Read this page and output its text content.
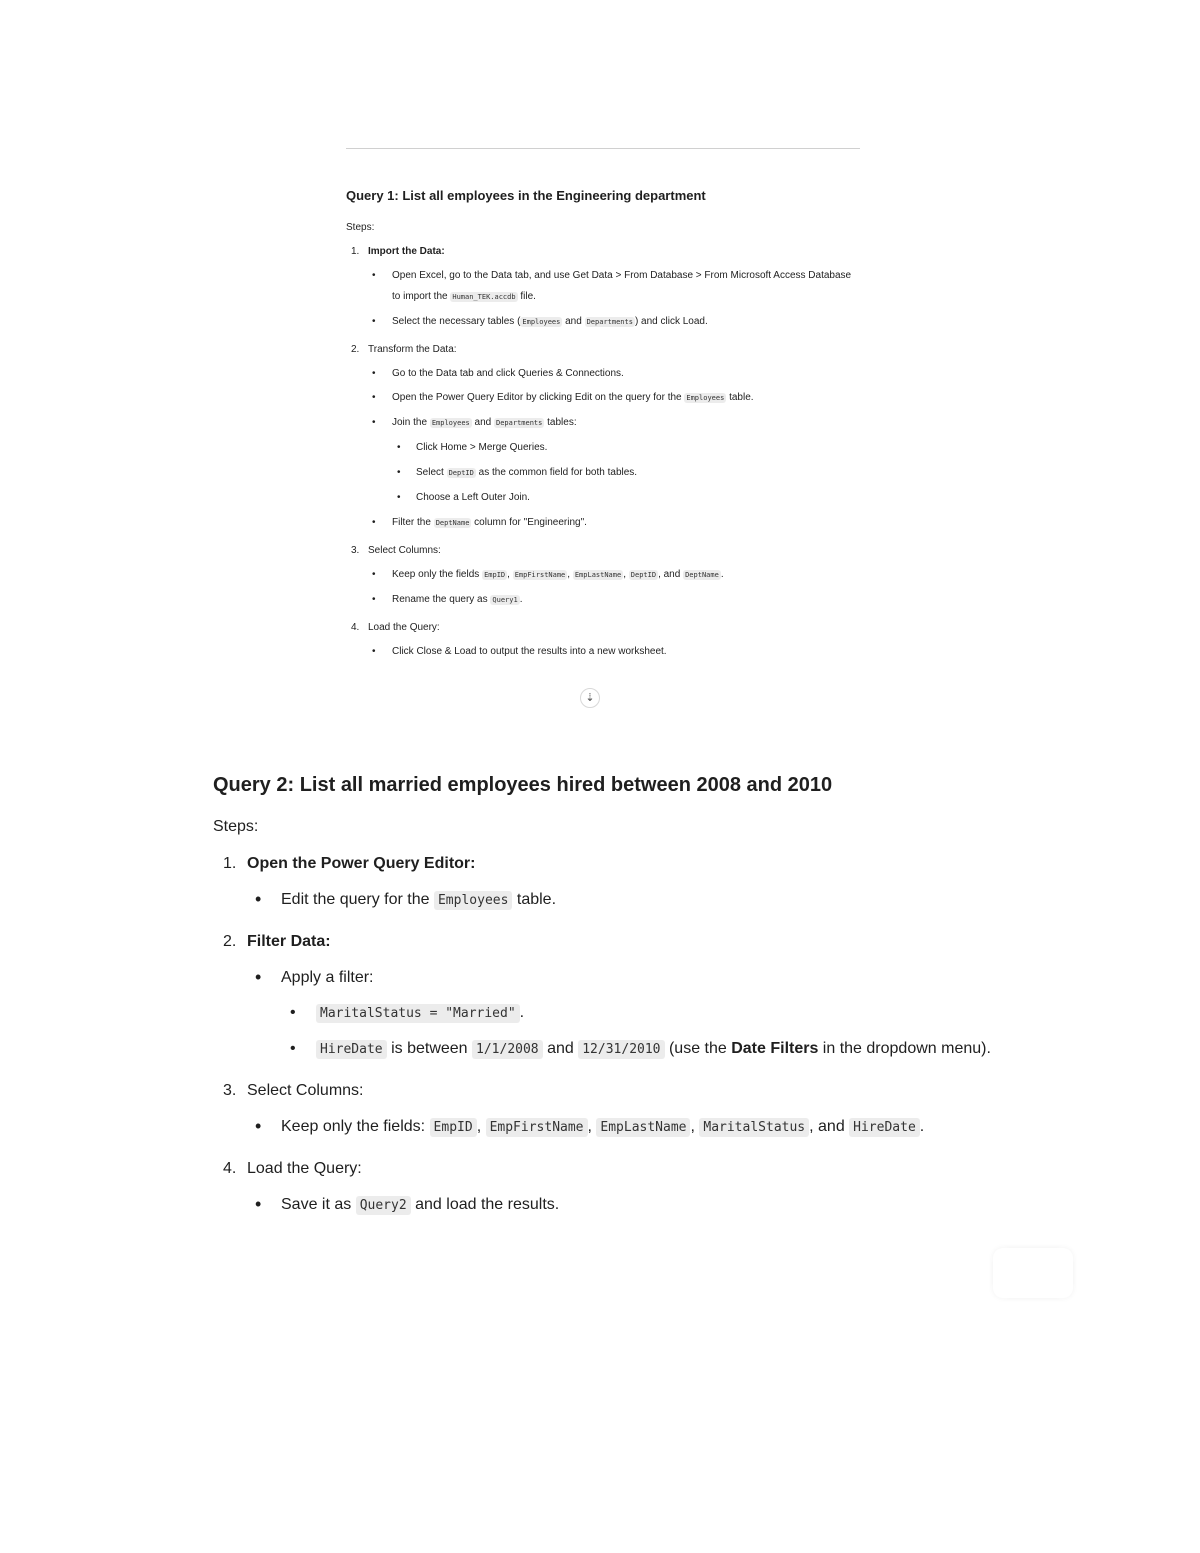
Query 1: List all employees in the Engineering department
Steps:
1. Import the Data:
• Open Excel, go to the Data tab, and use Get Data > From Database > From Microsoft Access Database to import the Human_TEK.accdb file.
• Select the necessary tables ( Employees and Departments ) and click Load.
2. Transform the Data:
• Go to the Data tab and click Queries & Connections.
• Open the Power Query Editor by clicking Edit on the query for the Employees table.
• Join the Employees and Departments tables:
• Click Home > Merge Queries.
• Select DeptID as the common field for both tables.
• Choose a Left Outer Join.
• Filter the DeptName column for "Engineering".
3. Select Columns:
• Keep only the fields EmpID , EmpFirstName , EmpLastName , DeptID , and DeptName .
• Rename the query as Query1 .
4. Load the Query:
• Click Close & Load to output the results into a new worksheet.
⇣
Query 2: List all married employees hired between 2008 and 2010
Steps:
1. Open the Power Query Editor:
• Edit the query for the Employees table.
2. Filter Data:
• Apply a filter:
• MaritalStatus = "Married" .
• HireDate is between 1/1/2008 and 12/31/2010 (use the Date Filters in the dropdown menu).
3. Select Columns:
• Keep only the fields: EmpID , EmpFirstName , EmpLastName , MaritalStatus , and HireDate .
4. Load the Query:
• Save it as Query2 and load the results.
